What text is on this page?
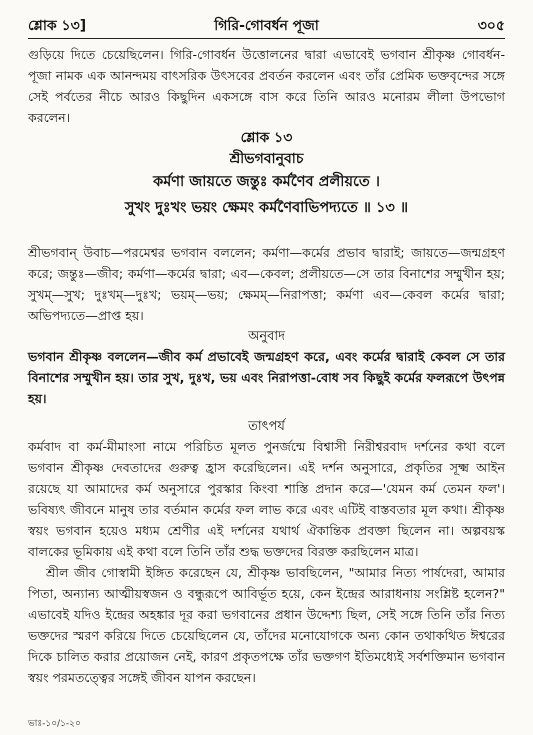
শ্লোক ১৩]	গিরি-গোবর্ধন পূজা	৩০৫
গুড়িয়ে দিতে চেয়েছিলেন। গিরি-গোবর্ধন উত্তোলনের দ্বারা এভাবেই ভগবান শ্রীকৃষ্ণ গোবর্ধন-পূজা নামক এক আনন্দময় বাৎসরিক উৎসবের প্রবর্তন করলেন এবং তাঁর প্রেমিক ভক্তবৃন্দের সঙ্গে সেই পর্বতের নীচে আরও কিছুদিন একসঙ্গে বাস করে তিনি আরও মনোরম লীলা উপভোগ করলেন।
শ্লোক ১৩
শ্রীভগবানুবাচ
কর্মণা জায়তে জন্তুঃ কর্মণৈব প্রলীয়তে ।
সুখং দুঃখং ভয়ং ক্ষেমং কর্মণৈবাভিপদ্যতে ॥ ১৩ ॥
শ্রীভগবান্ উবাচ—পরমেশ্বর ভগবান বললেন; কর্মণা—কর্মের প্রভাব দ্বারাই; জায়তে—জন্মগ্রহণ করে; জন্তুঃ—জীব; কর্মণা—কর্মের দ্বারা; এব—কেবল; প্রলীয়তে—সে তার বিনাশের সম্মুখীন হয়; সুখম্—সুখ; দুঃখম্—দুঃখ; ভয়ম্—ভয়; ক্ষেমম্—নিরাপত্তা; কর্মণা এব—কেবল কর্মের দ্বারা; অভিপদ্যতে—প্রাপ্ত হয়।
অনুবাদ
ভগবান শ্রীকৃষ্ণ বললেন—জীব কর্ম প্রভাবেই জন্মগ্রহণ করে, এবং কর্মের দ্বারাই কেবল সে তার বিনাশের সম্মুখীন হয়। তার সুখ, দুঃখ, ভয় এবং নিরাপত্তা-বোধ সব কিছুই কর্মের ফলরূপে উৎপন্ন হয়।
তাৎপর্য
কর্মবাদ বা কর্ম-মীমাংসা নামে পরিচিত মূলত পুনর্জন্মে বিশ্বাসী নিরীশ্বরবাদ দর্শনের কথা বলে ভগবান শ্রীকৃষ্ণ দেবতাদের গুরুত্ব হ্রাস করেছিলেন। এই দর্শন অনুসারে, প্রকৃতির সূক্ষ্ম আইন রয়েছে যা আমাদের কর্ম অনুসারে পুরস্কার কিংবা শাস্তি প্রদান করে—'যেমন কর্ম তেমন ফল'। ভবিষ্যৎ জীবনে মানুষ তার বর্তমান কর্মের ফল লাভ করে এবং এটিই বাস্তবতার মূল কথা। শ্রীকৃষ্ণ স্বয়ং ভগবান হয়েও মধ্যম শ্রেণীর এই দর্শনের যথার্থ ঐকান্তিক প্রবক্তা ছিলেন না। অল্পবয়স্ক বালকের ভূমিকায় এই কথা বলে তিনি তাঁর শুদ্ধ ভক্তদের বিরক্ত করছিলেন মাত্র।
শ্রীল জীব গোস্বামী ইঙ্গিত করেছেন যে, শ্রীকৃষ্ণ ভাবছিলেন, "আমার নিত্য পার্ষদেরা, আমার পিতা, অন্যান্য আত্মীয়স্বজন ও বন্ধুরূপে আবির্ভূত হয়ে, কেন ইন্দ্রের আরাধনায় সংশ্লিষ্ট হলেন?" এভাবেই যদিও ইন্দ্রের অহঙ্কার দূর করা ভগবানের প্রধান উদ্দেশ্য ছিল, সেই সঙ্গে তিনি তাঁর নিত্য ভক্তদের স্মরণ করিয়ে দিতে চেয়েছিলেন যে, তাঁদের মনোযোগকে অন্য কোন তথাকথিত ঈশ্বরের দিকে চালিত করার প্রয়োজন নেই, কারণ প্রকৃতপক্ষে তাঁর ভক্তগণ ইতিমধ্যেই সর্বশক্তিমান ভগবান স্বয়ং পরমতত্ত্বের সঙ্গেই জীবন যাপন করছেন।
ভাঃ-১০/১-২০
